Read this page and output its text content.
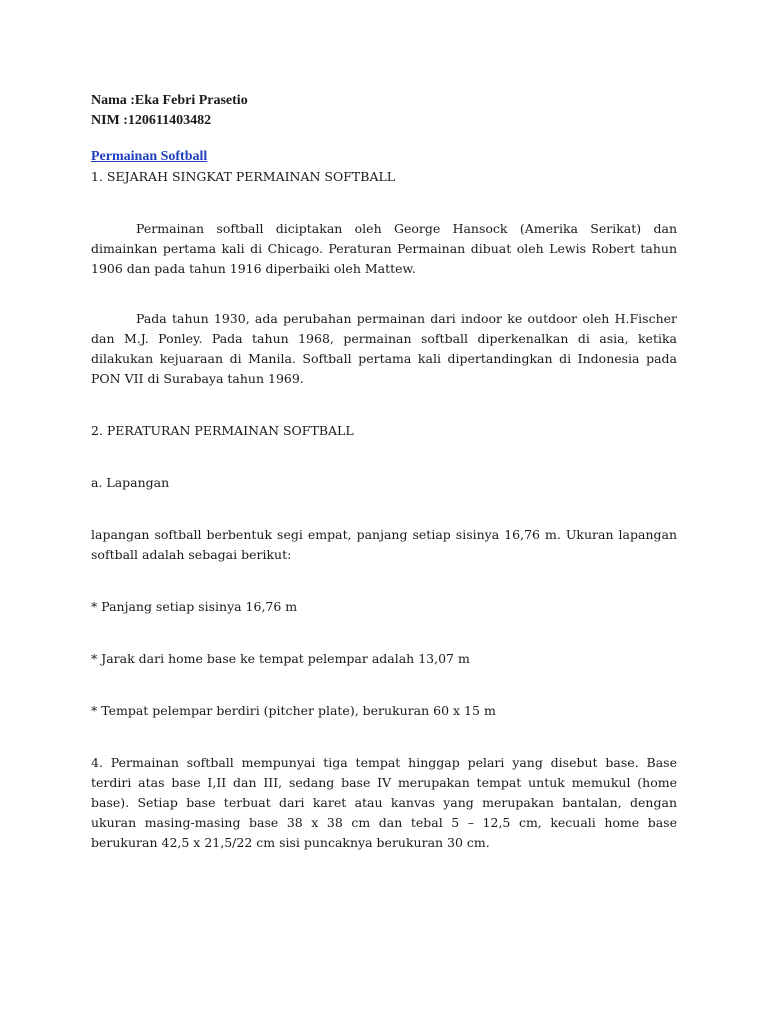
Nama :Eka Febri Prasetio
NIM :120611403482
Permainan Softball
1. SEJARAH SINGKAT PERMAINAN SOFTBALL

Permainan softball diciptakan oleh George Hansock (Amerika Serikat) dan dimainkan pertama kali di Chicago. Peraturan Permainan dibuat oleh Lewis Robert tahun 1906 dan pada tahun 1916 diperbaiki oleh Mattew.

Pada tahun 1930, ada perubahan permainan dari indoor ke outdoor oleh H.Fischer dan M.J. Ponley. Pada tahun 1968, permainan softball diperkenalkan di asia, ketika dilakukan kejuaraan di Manila. Softball pertama kali dipertandingkan di Indonesia pada PON VII di Surabaya tahun 1969.

2. PERATURAN PERMAINAN SOFTBALL
a. Lapangan

lapangan softball berbentuk segi empat, panjang setiap sisinya 16,76 m. Ukuran lapangan softball adalah sebagai berikut:

* Panjang setiap sisinya 16,76 m
* Jarak dari home base ke tempat pelempar adalah 13,07 m
* Tempat pelempar berdiri (pitcher plate), berukuran 60 x 15 m

4. Permainan softball mempunyai tiga tempat hinggap pelari yang disebut base. Base terdiri atas base I,II dan III, sedang base IV merupakan tempat untuk memukul (home base). Setiap base terbuat dari karet atau kanvas yang merupakan bantalan, dengan ukuran masing-masing base 38 x 38 cm dan tebal 5 – 12,5 cm, kecuali home base berukuran 42,5 x 21,5/22 cm sisi puncaknya berukuran 30 cm.
